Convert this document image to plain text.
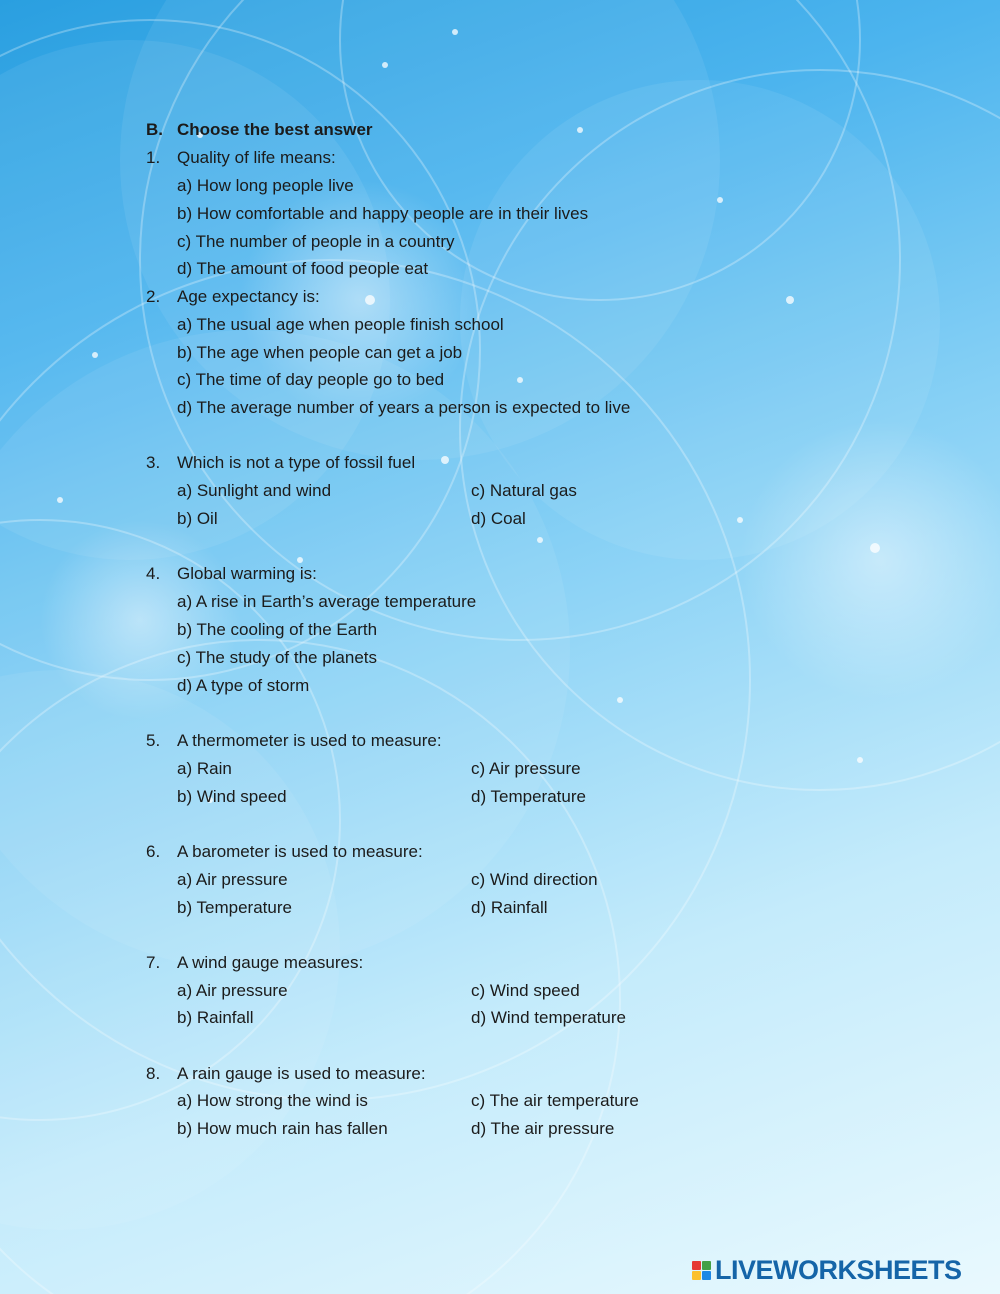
B. Choose the best answer
1. Quality of life means:
a) How long people live
b) How comfortable and happy people are in their lives
c) The number of people in a country
d) The amount of food people eat
2. Age expectancy is:
a) The usual age when people finish school
b) The age when people can get a job
c) The time of day people go to bed
d) The average number of years a person is expected to live
3. Which is not a type of fossil fuel
a) Sunlight and wind
b) Oil
c) Natural gas
d) Coal
4. Global warming is:
a) A rise in Earth’s average temperature
b) The cooling of the Earth
c) The study of the planets
d) A type of storm
5. A thermometer is used to measure:
a) Rain
b) Wind speed
c) Air pressure
d) Temperature
6. A barometer is used to measure:
a) Air pressure
b) Temperature
c) Wind direction
d) Rainfall
7. A wind gauge measures:
a) Air pressure
b) Rainfall
c) Wind speed
d) Wind temperature
8. A rain gauge is used to measure:
a) How strong the wind is
b) How much rain has fallen
c) The air temperature
d) The air pressure
LIVEWORKSHEETS
